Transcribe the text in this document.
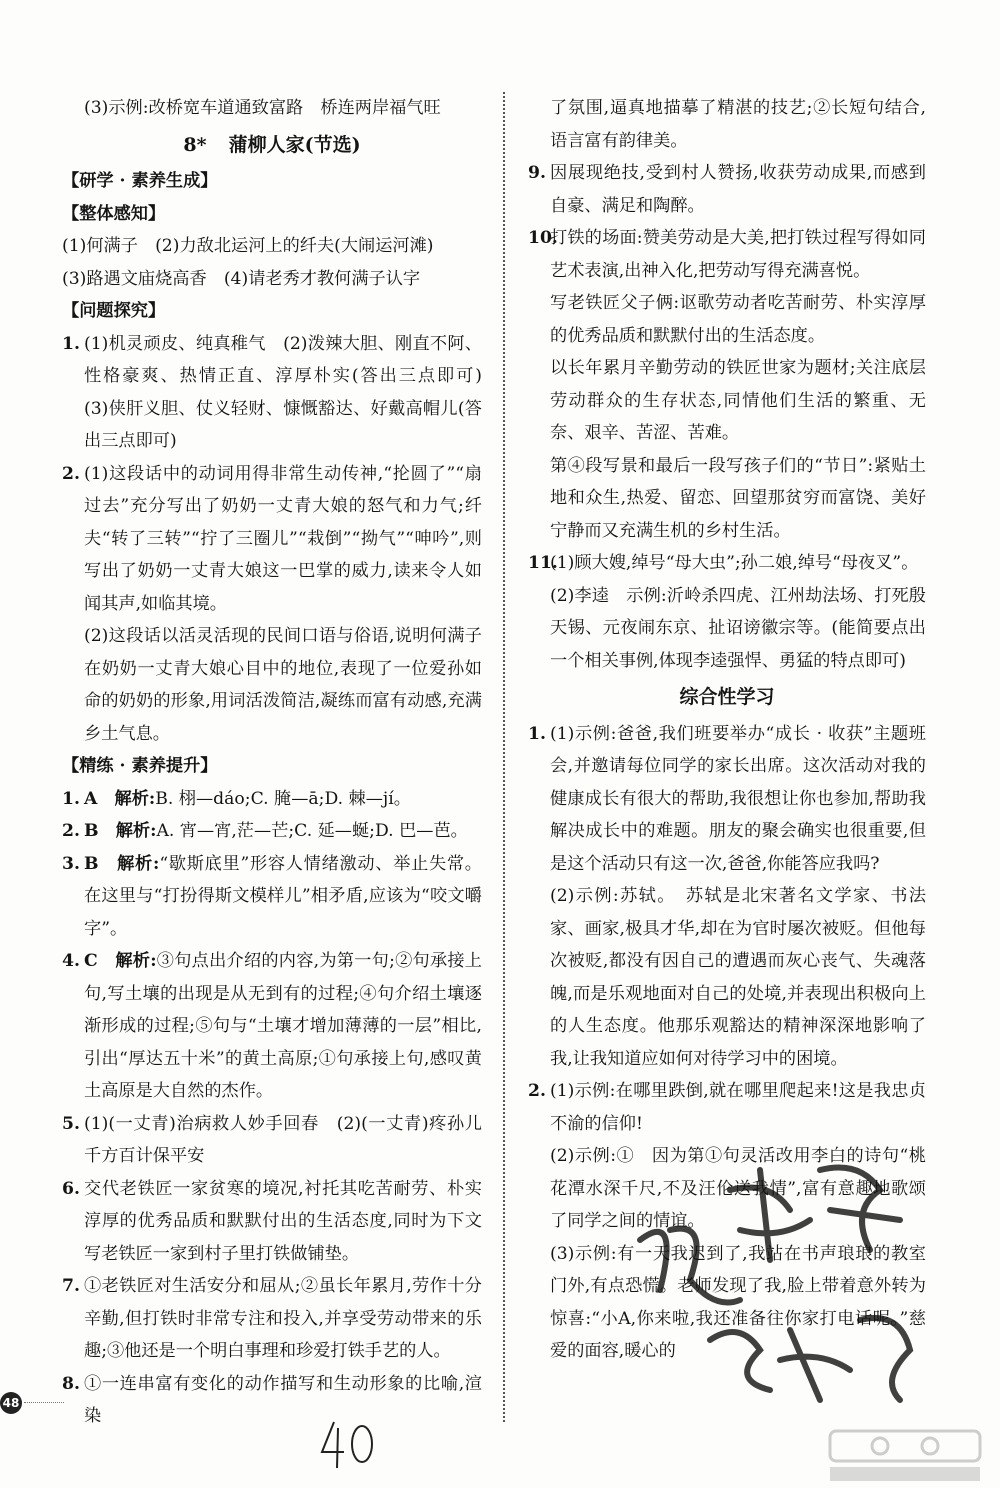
(3)示例:改桥宽车道通致富路　桥连两岸福气旺
8* 蒲柳人家(节选)
【研学 · 素养生成】
【整体感知】
(1)何满子　(2)力敌北运河上的纤夫(大闹运河滩)
(3)路遇文庙烧高香　(4)请老秀才教何满子认字
【问题探究】
1. (1)机灵顽皮、纯真稚气　(2)泼辣大胆、刚直不阿、性格豪爽、热情正直、淳厚朴实(答出三点即可)　(3)侠肝义胆、仗义轻财、慷慨豁达、好戴高帽儿(答出三点即可)
2. (1)这段话中的动词用得非常生动传神,“抡圆了”“扇过去”充分写出了奶奶一丈青大娘的怒气和力气;纤夫“转了三转”“拧了三圈儿”“栽倒”“拗气”“呻吟”,则写出了奶奶一丈青大娘这一巴掌的威力,读来令人如闻其声,如临其境。
(2)这段话以活灵活现的民间口语与俗语,说明何满子在奶奶一丈青大娘心目中的地位,表现了一位爱孙如命的奶奶的形象,用词活泼简洁,凝练而富有动感,充满乡土气息。
【精练 · 素养提升】
1. A　解析:B. 栩—dáo;C. 腌—ā;D. 棘—jí。
2. B　解析:A. 宵—宵,茫—芒;C. 延—蜒;D. 巴—芭。
3. B　解析:“歇斯底里”形容人情绪激动、举止失常。在这里与“打扮得斯文模样儿”相矛盾,应该为“咬文嚼字”。
4. C　解析:③句点出介绍的内容,为第一句;②句承接上句,写土壤的出现是从无到有的过程;④句介绍土壤逐渐形成的过程;⑤句与“土壤才增加薄薄的一层”相比,引出“厚达五十米”的黄土高原;①句承接上句,感叹黄土高原是大自然的杰作。
5. (1)(一丈青)治病救人妙手回春　(2)(一丈青)疼孙儿千方百计保平安
6. 交代老铁匠一家贫寒的境况,衬托其吃苦耐劳、朴实淳厚的优秀品质和默默付出的生活态度,同时为下文写老铁匠一家到村子里打铁做铺垫。
7. ①老铁匠对生活安分和屈从;②虽长年累月,劳作十分辛勤,但打铁时非常专注和投入,并享受劳动带来的乐趣;③他还是一个明白事理和珍爱打铁手艺的人。
8. ①一连串富有变化的动作描写和生动形象的比喻,渲染
了氛围,逼真地描摹了精湛的技艺;②长短句结合,语言富有韵律美。
9. 因展现绝技,受到村人赞扬,收获劳动成果,而感到自豪、满足和陶醉。
10.
打铁的场面:赞美劳动是大美,把打铁过程写得如同艺术表演,出神入化,把劳动写得充满喜悦。
写老铁匠父子俩:讴歌劳动者吃苦耐劳、朴实淳厚的优秀品质和默默付出的生活态度。
以长年累月辛勤劳动的铁匠世家为题材;关注底层劳动群众的生存状态,同情他们生活的繁重、无奈、艰辛、苦涩、苦难。
第④段写景和最后一段写孩子们的“节日”:紧贴土地和众生,热爱、留恋、回望那贫穷而富饶、美好宁静而又充满生机的乡村生活。
11.
(1)顾大嫂,绰号“母大虫”;孙二娘,绰号“母夜叉”。
(2)李逵　示例:沂岭杀四虎、江州劫法场、打死殷天锡、元夜闹东京、扯诏谤徽宗等。(能简要点出一个相关事例,体现李逵强悍、勇猛的特点即可)
综合性学习
1. (1)示例:爸爸,我们班要举办“成长 · 收获”主题班会,并邀请每位同学的家长出席。这次活动对我的健康成长有很大的帮助,我很想让你也参加,帮助我解决成长中的难题。朋友的聚会确实也很重要,但是这个活动只有这一次,爸爸,你能答应我吗?
(2)示例:苏轼。　苏轼是北宋著名文学家、书法家、画家,极具才华,却在为官时屡次被贬。但他每次被贬,都没有因自己的遭遇而灰心丧气、失魂落魄,而是乐观地面对自己的处境,并表现出积极向上的人生态度。他那乐观豁达的精神深深地影响了我,让我知道应如何对待学习中的困境。
2. (1)示例:在哪里跌倒,就在哪里爬起来!这是我忠贞不渝的信仰!
(2)示例:①　因为第①句灵活改用李白的诗句“桃花潭水深千尺,不及汪伦送我情”,富有意趣地歌颂了同学之间的情谊。
(3)示例:有一天我迟到了,我站在书声琅琅的教室门外,有点恐慌。老师发现了我,脸上带着意外转为惊喜:“小A,你来啦,我还准备往你家打电话呢。”慈爱的面容,暖心的
48
